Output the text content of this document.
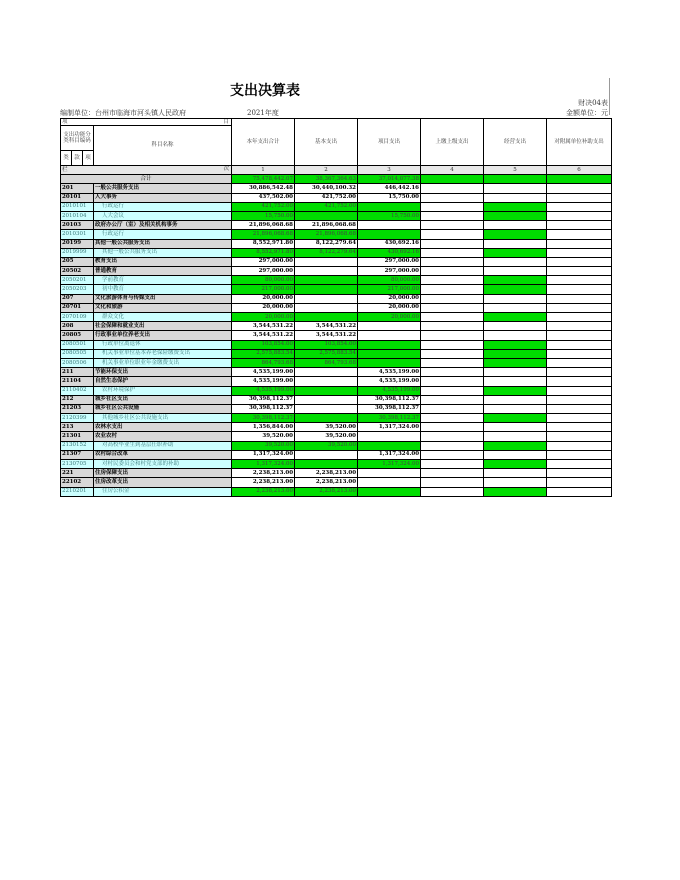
支出决算表
财决04表
编制单位：台州市临海市河头镇人民政府	2021年度	金额单位：元
项 目				本年支出合计	基本支出	项目支出	上缴上级支出	经营支出	对附属单位补助支出
支出功能分类科目编码			科目名称						
类	款	项							
栏 次				1	2	3	4	5	6
合计				75,478,442.07	38,367,364.63	37,014,077.38			
201			一般公共服务支出	30,886,542.48	30,440,100.32	446,442.16			
20101			人大事务	437,502.00	421,752.00	15,750.00			
2010101			行政运行	421,752.00	421,752.00				
2010104			人大会议	15,750.00		15,750.00			
20103			政府办公厅（室）及相关机构事务	21,896,068.68	21,896,068.68				
2010301			行政运行	21,896,068.68	21,896,068.68				
20199			其他一般公共服务支出	8,552,971.80	8,122,279.64	430,692.16			
2019999			其他一般公共服务支出	8,552,971.80	8,122,279.64	430,692.16			
205			教育支出	297,000.00		297,000.00			
20502			普通教育	297,000.00		297,000.00			
2050201			学前教育	80,000.00		80,000.00			
2050203			初中教育	217,000.00		217,000.00			
207			文化旅游体育与传媒支出	20,000.00		20,000.00			
20701			文化和旅游	20,000.00		20,000.00			
2070109			群众文化	20,000.00		20,000.00			
208			社会保障和就业支出	3,544,531.22	3,544,531.22				
20805			行政事业单位养老支出	3,544,531.22	3,544,531.22				
2080501			行政单位离退休	103,854.00	103,854.00				
2080505			机关事业单位基本养老保险缴费支出	2,575,883.54	2,575,883.54				
2080506			机关事业单位职业年金缴费支出	864,793.68	864,793.68				
211			节能环保支出	4,535,199.00		4,535,199.00			
21104			自然生态保护	4,535,199.00		4,535,199.00			
2110402			农村环境保护	4,535,199.00		4,535,199.00			
212			城乡社区支出	30,398,112.37		30,398,112.37			
21203			城乡社区公共设施	30,398,112.37		30,398,112.37			
2120399			其他城乡社区公共设施支出	30,398,112.37		30,398,112.37			
213			农林水支出	1,356,844.00	39,520.00	1,317,324.00			
21301			农业农村	39,520.00	39,520.00				
2130152			对高校毕业生到基层任职补助	39,520.00	39,520.00				
21307			农村综合改革	1,317,324.00		1,317,324.00			
2130705			对村民委员会和村党支部的补助	1,317,324.00		1,317,324.00			
221			住房保障支出	2,238,213.00	2,238,213.00				
22102			住房改革支出	2,238,213.00	2,238,213.00				
2210201			住房公积金	2,238,213.00	2,238,213.00				
